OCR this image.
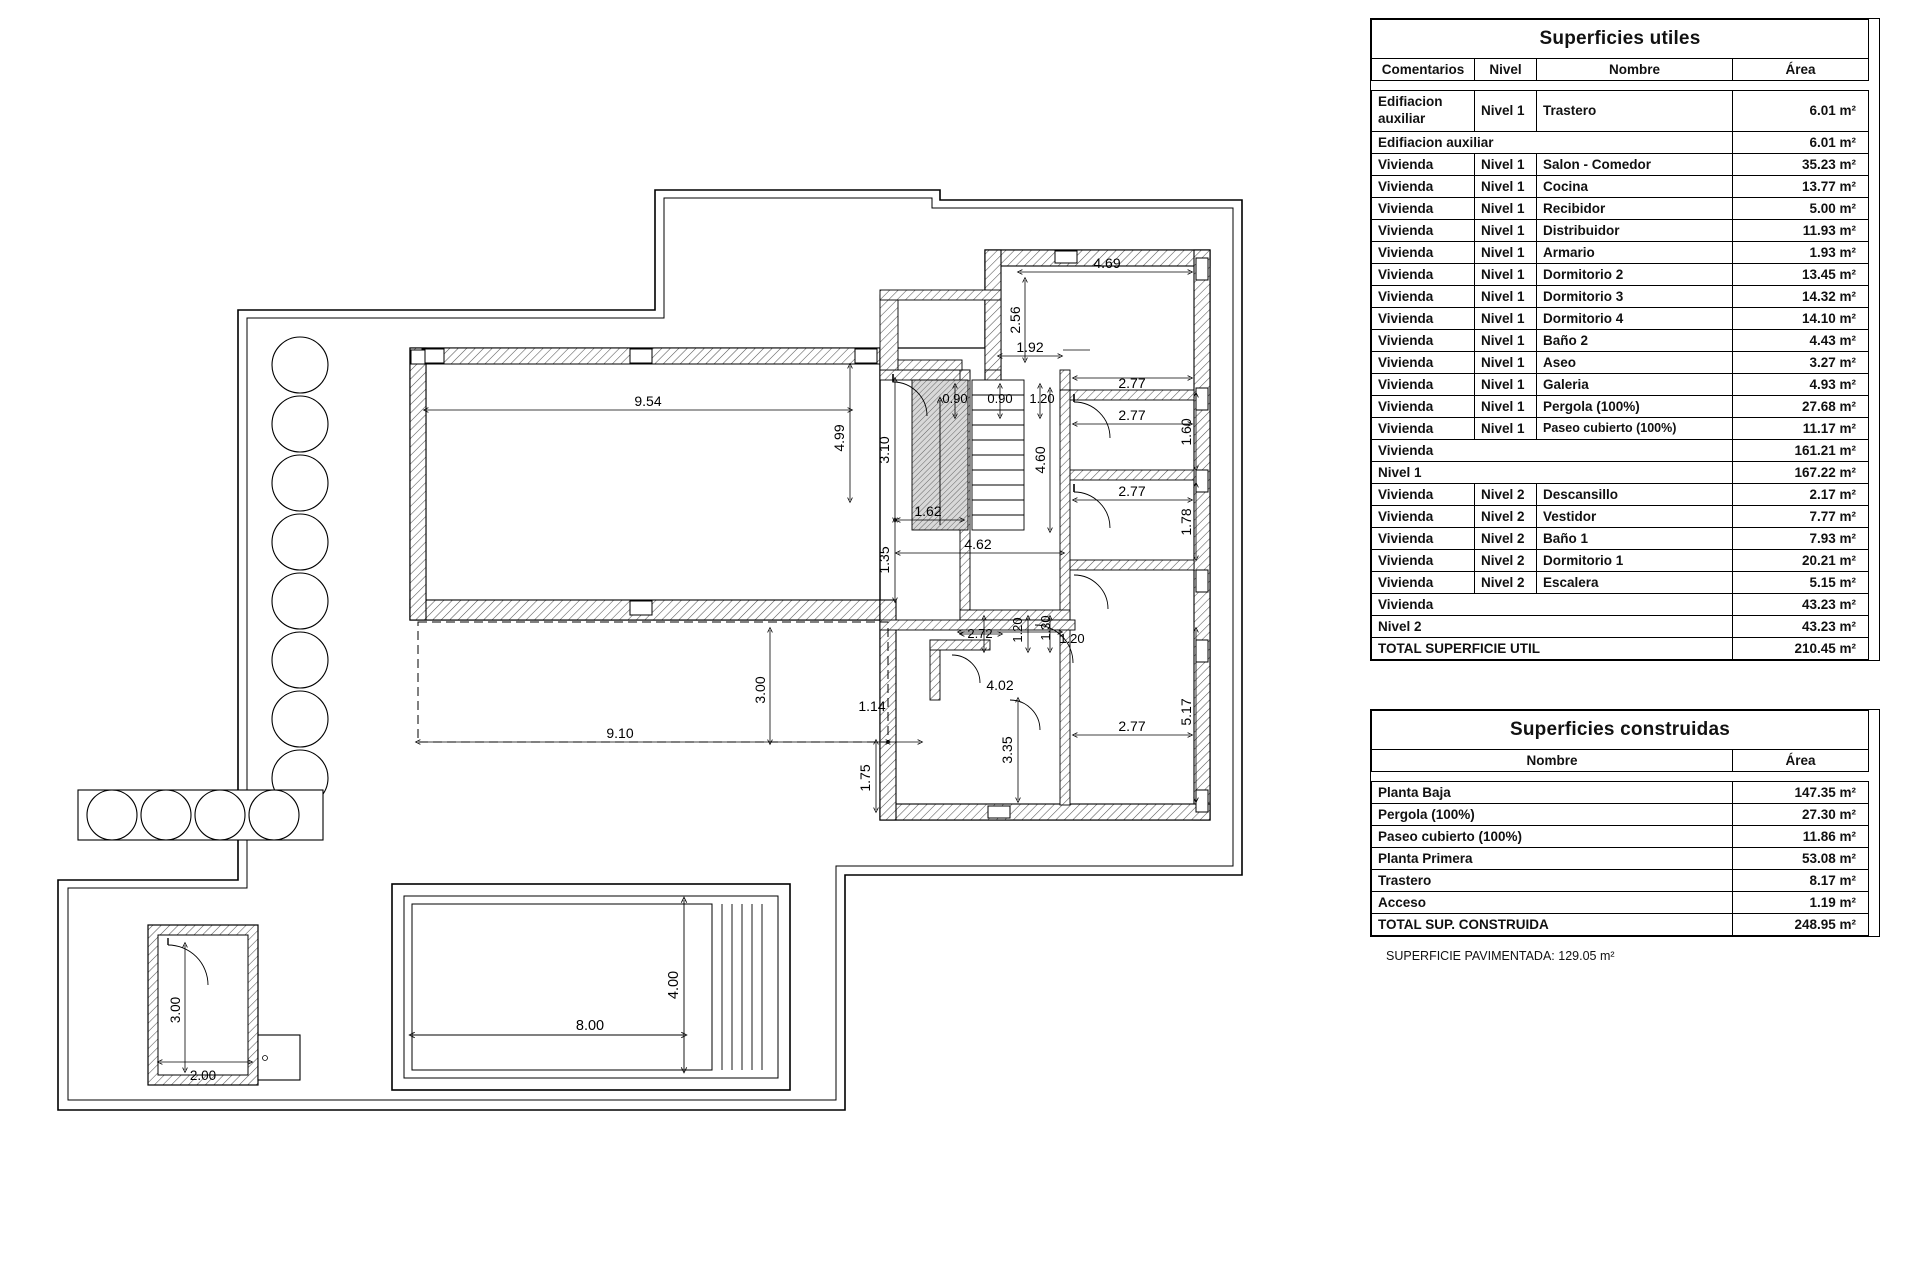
8.00
4.00
3.00
2.00
9.54
4.99 3.10
1.62
1.35
4.62
9.10
3.00
1.14
1.75
4.69
2.56
1.92
0.90 0.90 1.20
2.77
2.77
2.77
2.77
1.60
1.78
4.60
5.17
2.72 1.20 1.30 1.20
4.02
3.35
Superficies utiles			
Comentarios	Nivel	Nombre	Área

Edifiacion auxiliar	Nivel 1	Trastero	6.01 m²
Edifiacion auxiliar			6.01 m²
Vivienda	Nivel 1	Salon - Comedor	35.23 m²
Vivienda	Nivel 1	Cocina	13.77 m²
Vivienda	Nivel 1	Recibidor	5.00 m²
Vivienda	Nivel 1	Distribuidor	11.93 m²
Vivienda	Nivel 1	Armario	1.93 m²
Vivienda	Nivel 1	Dormitorio 2	13.45 m²
Vivienda	Nivel 1	Dormitorio 3	14.32 m²
Vivienda	Nivel 1	Dormitorio 4	14.10 m²
Vivienda	Nivel 1	Baño 2	4.43 m²
Vivienda	Nivel 1	Aseo	3.27 m²
Vivienda	Nivel 1	Galeria	4.93 m²
Vivienda	Nivel 1	Pergola (100%)	27.68 m²
Vivienda	Nivel 1	Paseo cubierto (100%)	11.17 m²
Vivienda			161.21 m²
Nivel 1			167.22 m²
Vivienda	Nivel 2	Descansillo	2.17 m²
Vivienda	Nivel 2	Vestidor	7.77 m²
Vivienda	Nivel 2	Baño 1	7.93 m²
Vivienda	Nivel 2	Dormitorio 1	20.21 m²
Vivienda	Nivel 2	Escalera	5.15 m²
Vivienda			43.23 m²
Nivel 2			43.23 m²
TOTAL SUPERFICIE UTIL			210.45 m²
Superficies construidas	
Nombre	Área

Planta Baja	147.35 m²
Pergola (100%)	27.30 m²
Paseo cubierto (100%)	11.86 m²
Planta Primera	53.08 m²
Trastero	8.17 m²
Acceso	1.19 m²
TOTAL SUP. CONSTRUIDA	248.95 m²
SUPERFICIE PAVIMENTADA: 129.05 m²
